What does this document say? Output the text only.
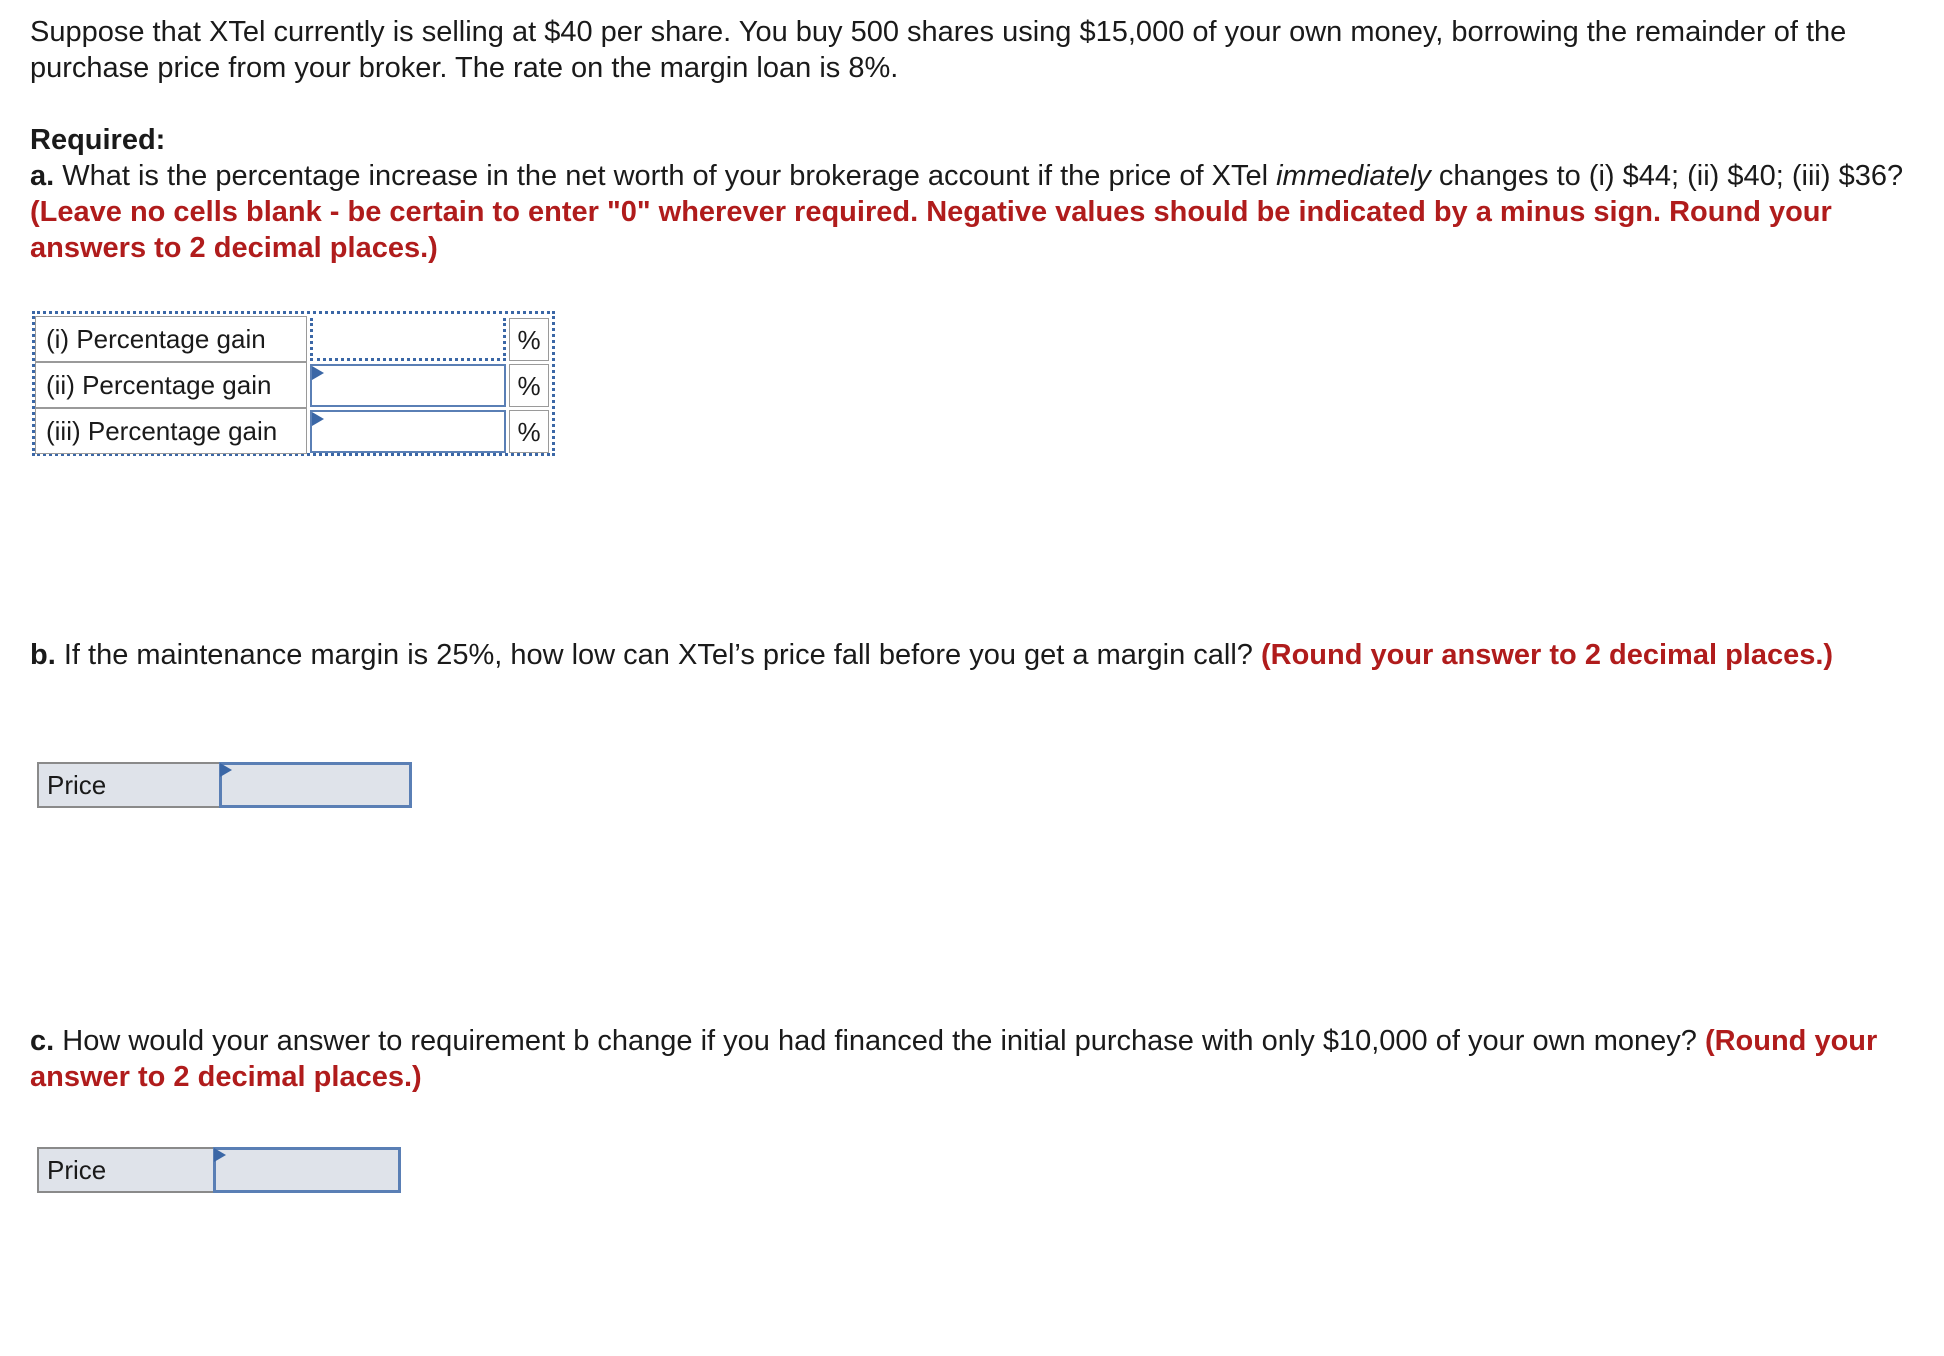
Suppose that XTel currently is selling at $40 per share. You buy 500 shares using $15,000 of your own money, borrowing the remainder of the purchase price from your broker. The rate on the margin loan is 8%.

Required:
a. What is the percentage increase in the net worth of your brokerage account if the price of XTel immediately changes to (i) $44; (ii) $40; (iii) $36? (Leave no cells blank - be certain to enter "0" wherever required. Negative values should be indicated by a minus sign. Round your answers to 2 decimal places.)

(i) Percentage gain	%
(ii) Percentage gain	%
(iii) Percentage gain	%

b. If the maintenance margin is 25%, how low can XTel’s price fall before you get a margin call? (Round your answer to 2 decimal places.)

Price

c. How would your answer to requirement b change if you had financed the initial purchase with only $10,000 of your own money? (Round your answer to 2 decimal places.)

Price
